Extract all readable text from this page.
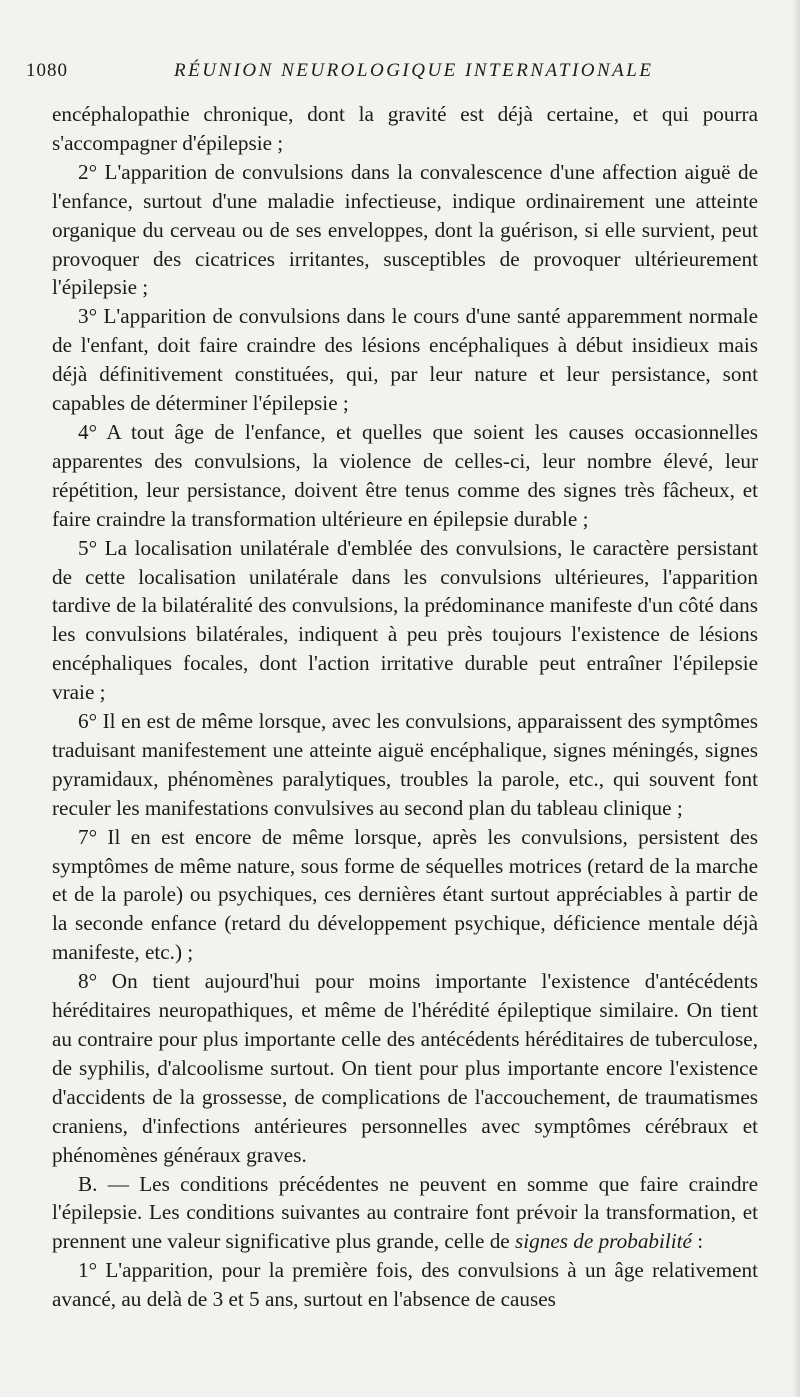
1080	RÉUNION NEUROLOGIQUE INTERNATIONALE

encéphalopathie chronique, dont la gravité est déjà certaine, et qui pourra s'accompagner d'épilepsie ;

2° L'apparition de convulsions dans la convalescence d'une affection aiguë de l'enfance, surtout d'une maladie infectieuse, indique ordinairement une atteinte organique du cerveau ou de ses enveloppes, dont la guérison, si elle survient, peut provoquer des cicatrices irritantes, susceptibles de provoquer ultérieurement l'épilepsie ;

3° L'apparition de convulsions dans le cours d'une santé apparemment normale de l'enfant, doit faire craindre des lésions encéphaliques à début insidieux mais déjà définitivement constituées, qui, par leur nature et leur persistance, sont capables de déterminer l'épilepsie ;

4° A tout âge de l'enfance, et quelles que soient les causes occasionnelles apparentes des convulsions, la violence de celles-ci, leur nombre élevé, leur répétition, leur persistance, doivent être tenus comme des signes très fâcheux, et faire craindre la transformation ultérieure en épilepsie durable ;

5° La localisation unilatérale d'emblée des convulsions, le caractère persistant de cette localisation unilatérale dans les convulsions ultérieures, l'apparition tardive de la bilatéralité des convulsions, la prédominance manifeste d'un côté dans les convulsions bilatérales, indiquent à peu près toujours l'existence de lésions encéphaliques focales, dont l'action irritative durable peut entraîner l'épilepsie vraie ;

6° Il en est de même lorsque, avec les convulsions, apparaissent des symptômes traduisant manifestement une atteinte aiguë encéphalique, signes méningés, signes pyramidaux, phénomènes paralytiques, troubles la parole, etc., qui souvent font reculer les manifestations convulsives au second plan du tableau clinique ;

7° Il en est encore de même lorsque, après les convulsions, persistent des symptômes de même nature, sous forme de séquelles motrices (retard de la marche et de la parole) ou psychiques, ces dernières étant surtout appréciables à partir de la seconde enfance (retard du développement psychique, déficience mentale déjà manifeste, etc.) ;

8° On tient aujourd'hui pour moins importante l'existence d'antécédents héréditaires neuropathiques, et même de l'hérédité épileptique similaire. On tient au contraire pour plus importante celle des antécédents héréditaires de tuberculose, de syphilis, d'alcoolisme surtout. On tient pour plus importante encore l'existence d'accidents de la grossesse, de complications de l'accouchement, de traumatismes craniens, d'infections antérieures personnelles avec symptômes cérébraux et phénomènes généraux graves.

B. — Les conditions précédentes ne peuvent en somme que faire craindre l'épilepsie. Les conditions suivantes au contraire font prévoir la transformation, et prennent une valeur significative plus grande, celle de signes de probabilité :

1° L'apparition, pour la première fois, des convulsions à un âge relativement avancé, au delà de 3 et 5 ans, surtout en l'absence de causes
